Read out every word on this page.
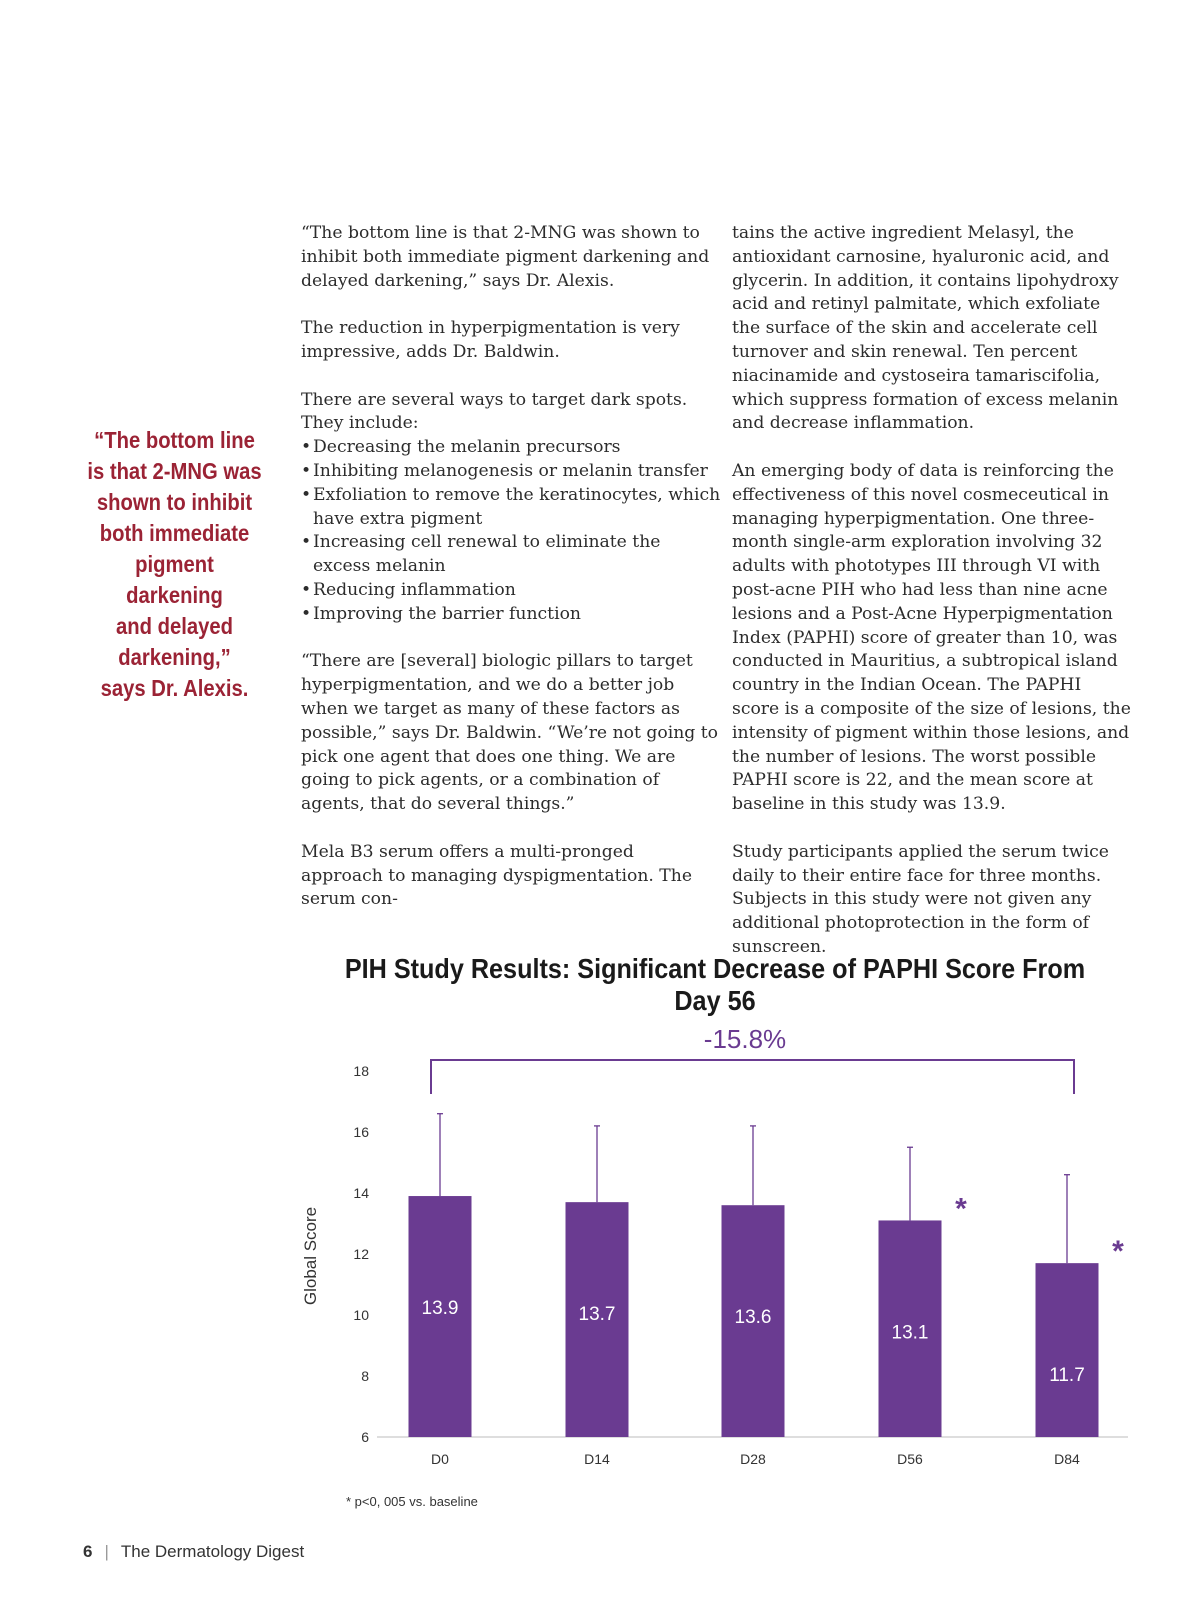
“The bottom line
is that 2-MNG was
shown to inhibit
both immediate
pigment darkening
and delayed
darkening,”
says Dr. Alexis.

“The bottom line is that 2-MNG was shown to inhibit both immediate pigment darkening and delayed darkening,” says Dr. Alexis.

The reduction in hyperpigmentation is very impressive, adds Dr. Baldwin.

There are several ways to target dark spots. They include:

• Decreasing the melanin precursors
• Inhibiting melanogenesis or melanin transfer
• Exfoliation to remove the keratinocytes, which have extra pigment
• Increasing cell renewal to eliminate the excess melanin
• Reducing inflammation
• Improving the barrier function

“There are [several] biologic pillars to target hyperpigmentation, and we do a better job when we target as many of these factors as possible,” says Dr. Baldwin. “We’re not going to pick one agent that does one thing. We are going to pick agents, or a combination of agents, that do several things.”

Mela B3 serum offers a multi-pronged approach to managing dyspigmentation. The serum con-

tains the active ingredient Melasyl, the antioxidant carnosine, hyaluronic acid, and glycerin. In addition, it contains lipohydroxy acid and retinyl palmitate, which exfoliate the surface of the skin and accelerate cell turnover and skin renewal. Ten percent niacinamide and cystoseira tamariscifolia, which suppress formation of excess melanin and decrease inflammation.

An emerging body of data is reinforcing the effectiveness of this novel cosmeceutical in managing hyperpigmentation. One three-month single-arm exploration involving 32 adults with phototypes III through VI with post-acne PIH who had less than nine acne lesions and a Post-Acne Hyperpigmentation Index (PAPHI) score of greater than 10, was conducted in Mauritius, a subtropical island country in the Indian Ocean. The PAPHI score is a composite of the size of lesions, the intensity of pigment within those lesions, and the number of lesions. The worst possible PAPHI score is 22, and the mean score at baseline in this study was 13.9.

Study participants applied the serum twice daily to their entire face for three months. Subjects in this study were not given any additional photoprotection in the form of sunscreen.

PIH Study Results: Significant Decrease of PAPHI Score From Day 56
6
8
10
12
14
16
18
Global Score
13.9
D0
13.7
D14
13.6
D28
13.1
D56
*
11.7
D84
*
-15.8%
* p<0, 005 vs. baseline
6 | The Dermatology Digest
